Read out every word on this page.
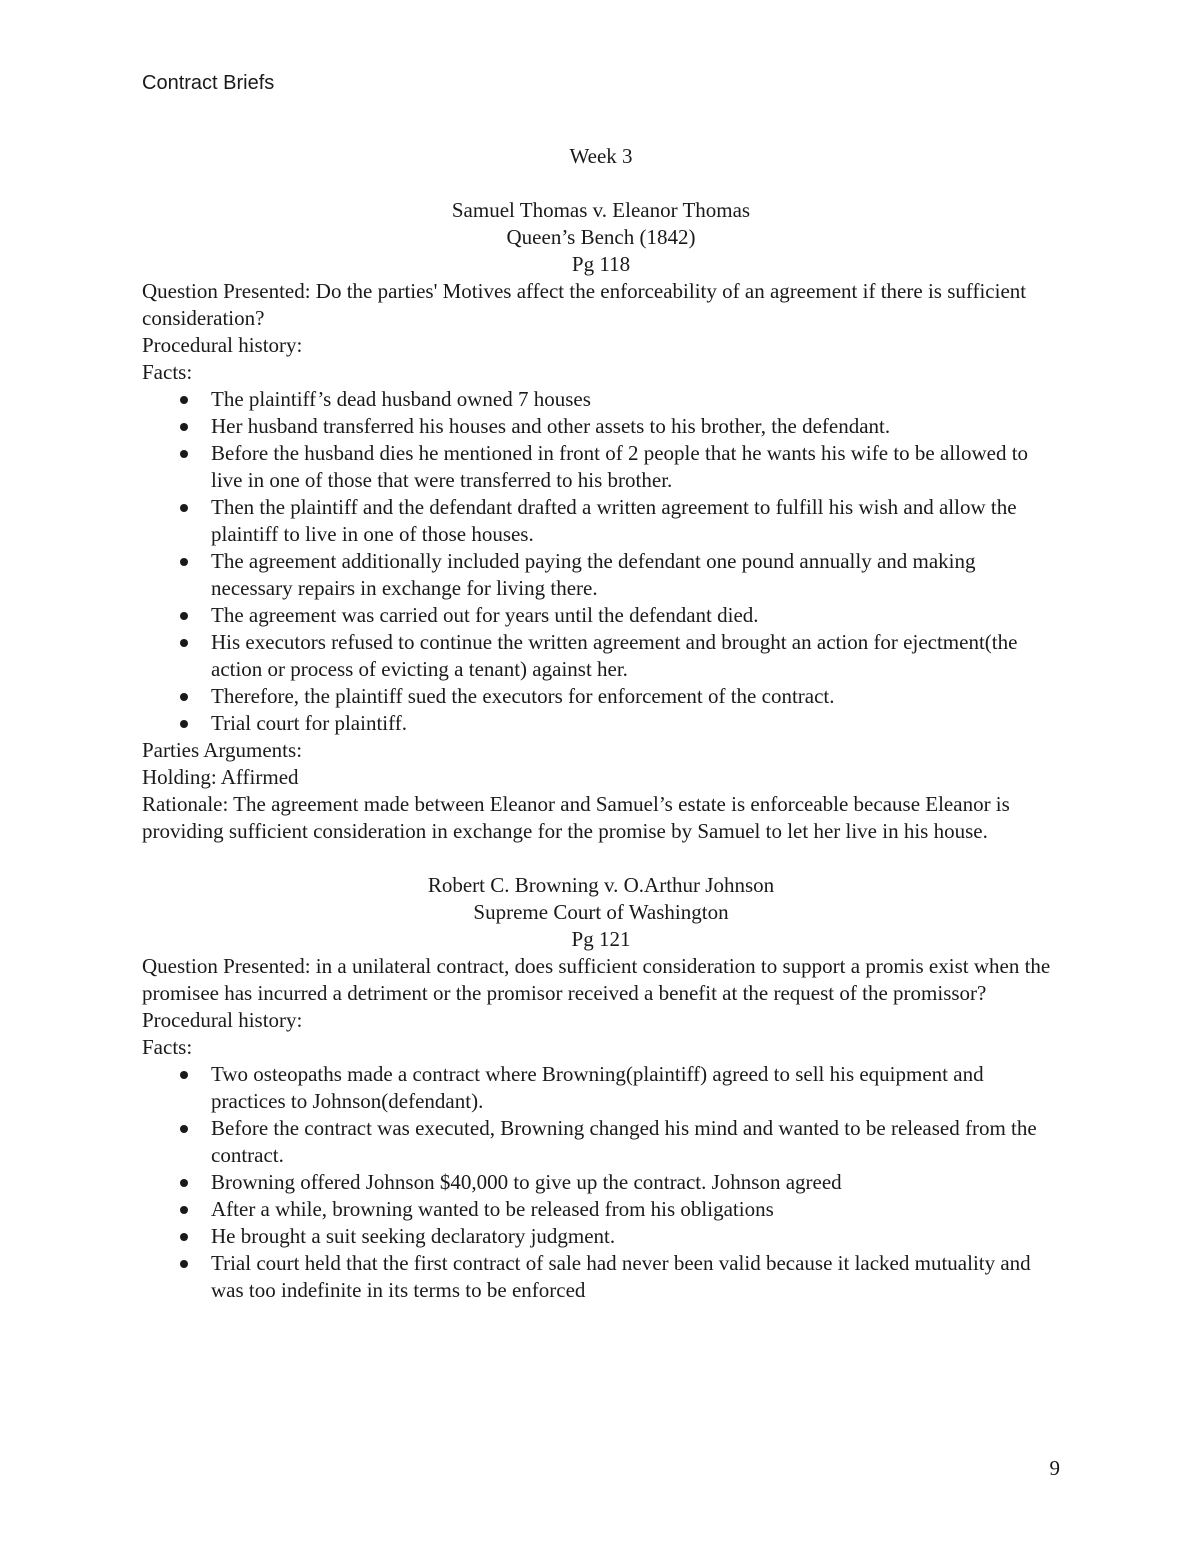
Contract Briefs

Week 3

Samuel Thomas v. Eleanor Thomas

Queen’s Bench (1842)

Pg 118

Question Presented: Do the parties' Motives affect the enforceability of an agreement if there is sufficient consideration?

Procedural history:

Facts:

The plaintiff’s dead husband owned 7 houses
Her husband transferred his houses and other assets to his brother, the defendant.
Before the husband dies he mentioned in front of 2 people that he wants his wife to be allowed to live in one of those that were transferred to his brother.
Then the plaintiff and the defendant drafted a written agreement to fulfill his wish and allow the plaintiff to live in one of those houses.
The agreement additionally included paying the defendant one pound annually and making necessary repairs in exchange for living there.
The agreement was carried out for years until the defendant died.
His executors refused to continue the written agreement and brought an action for ejectment(the action or process of evicting a tenant) against her.
Therefore, the plaintiff sued the executors for enforcement of the contract.
Trial court for plaintiff.

Parties Arguments:

Holding: Affirmed

Rationale: The agreement made between Eleanor and Samuel’s estate is enforceable because Eleanor is providing sufficient consideration in exchange for the promise by Samuel to let her live in his house.

Robert C. Browning v. O.Arthur Johnson

Supreme Court of Washington

Pg 121

Question Presented: in a unilateral contract, does sufficient consideration to support a promis exist when the promisee has incurred a detriment or the promisor received a benefit at the request of the promissor?

Procedural history:

Facts:

Two osteopaths made a contract where Browning(plaintiff) agreed to sell his equipment and practices to Johnson(defendant).
Before the contract was executed, Browning changed his mind and wanted to be released from the contract.
Browning offered Johnson $40,000 to give up the contract. Johnson agreed
After a while, browning wanted to be released from his obligations
He brought a suit seeking declaratory judgment.
Trial court held that the first contract of sale had never been valid because it lacked mutuality and was too indefinite in its terms to be enforced
9
